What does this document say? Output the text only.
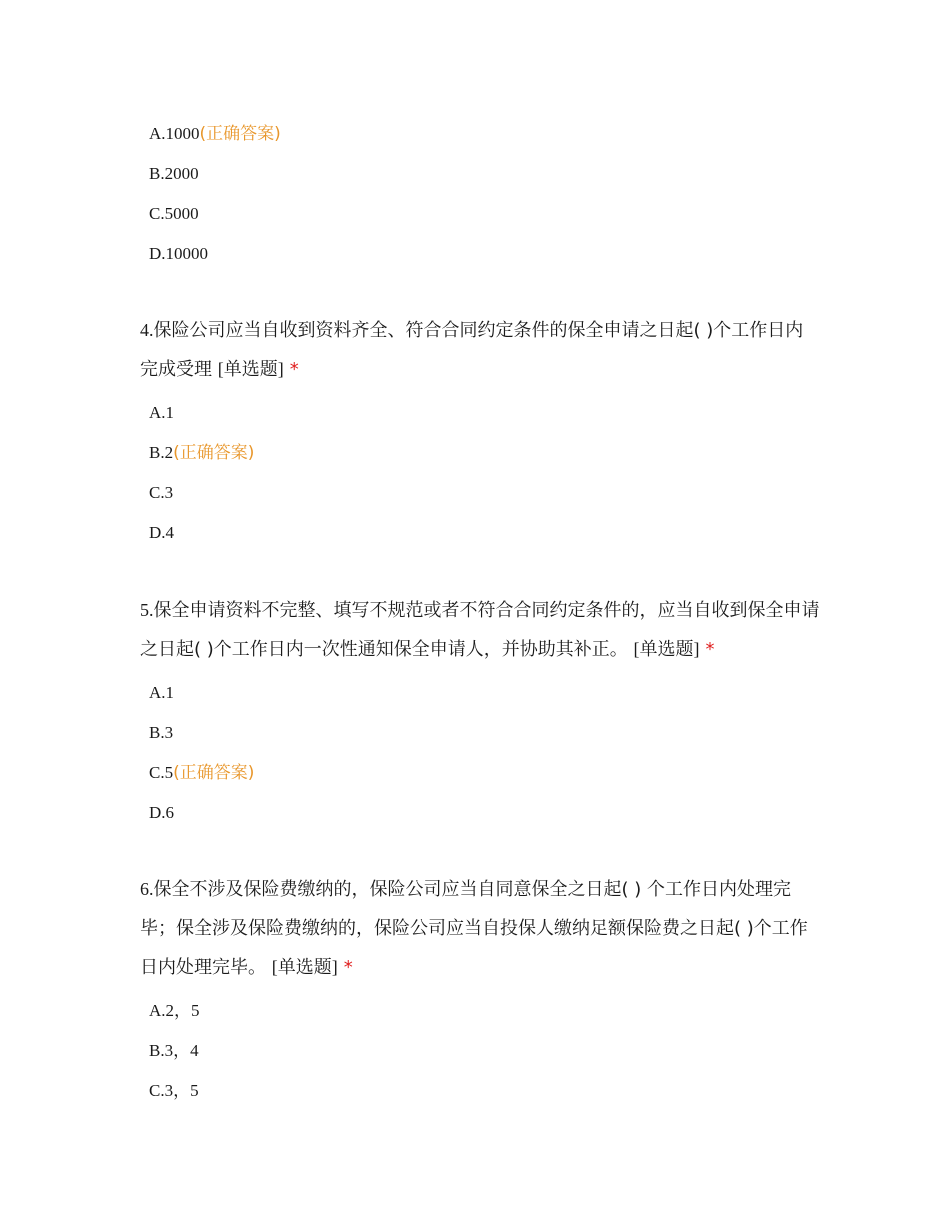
A.1000(正确答案)
B.2000
C.5000
D.10000
4.保险公司应当自收到资料齐全、符合合同约定条件的保全申请之日起( )个工作日内完成受理 [单选题] *
A.1
B.2(正确答案)
C.3
D.4
5.保全申请资料不完整、填写不规范或者不符合合同约定条件的，应当自收到保全申请之日起( )个工作日内一次性通知保全申请人，并协助其补正。 [单选题] *
A.1
B.3
C.5(正确答案)
D.6
6.保全不涉及保险费缴纳的，保险公司应当自同意保全之日起( ) 个工作日内处理完毕；保全涉及保险费缴纳的，保险公司应当自投保人缴纳足额保险费之日起( )个工作日内处理完毕。 [单选题] *
A.2，5
B.3，4
C.3，5
